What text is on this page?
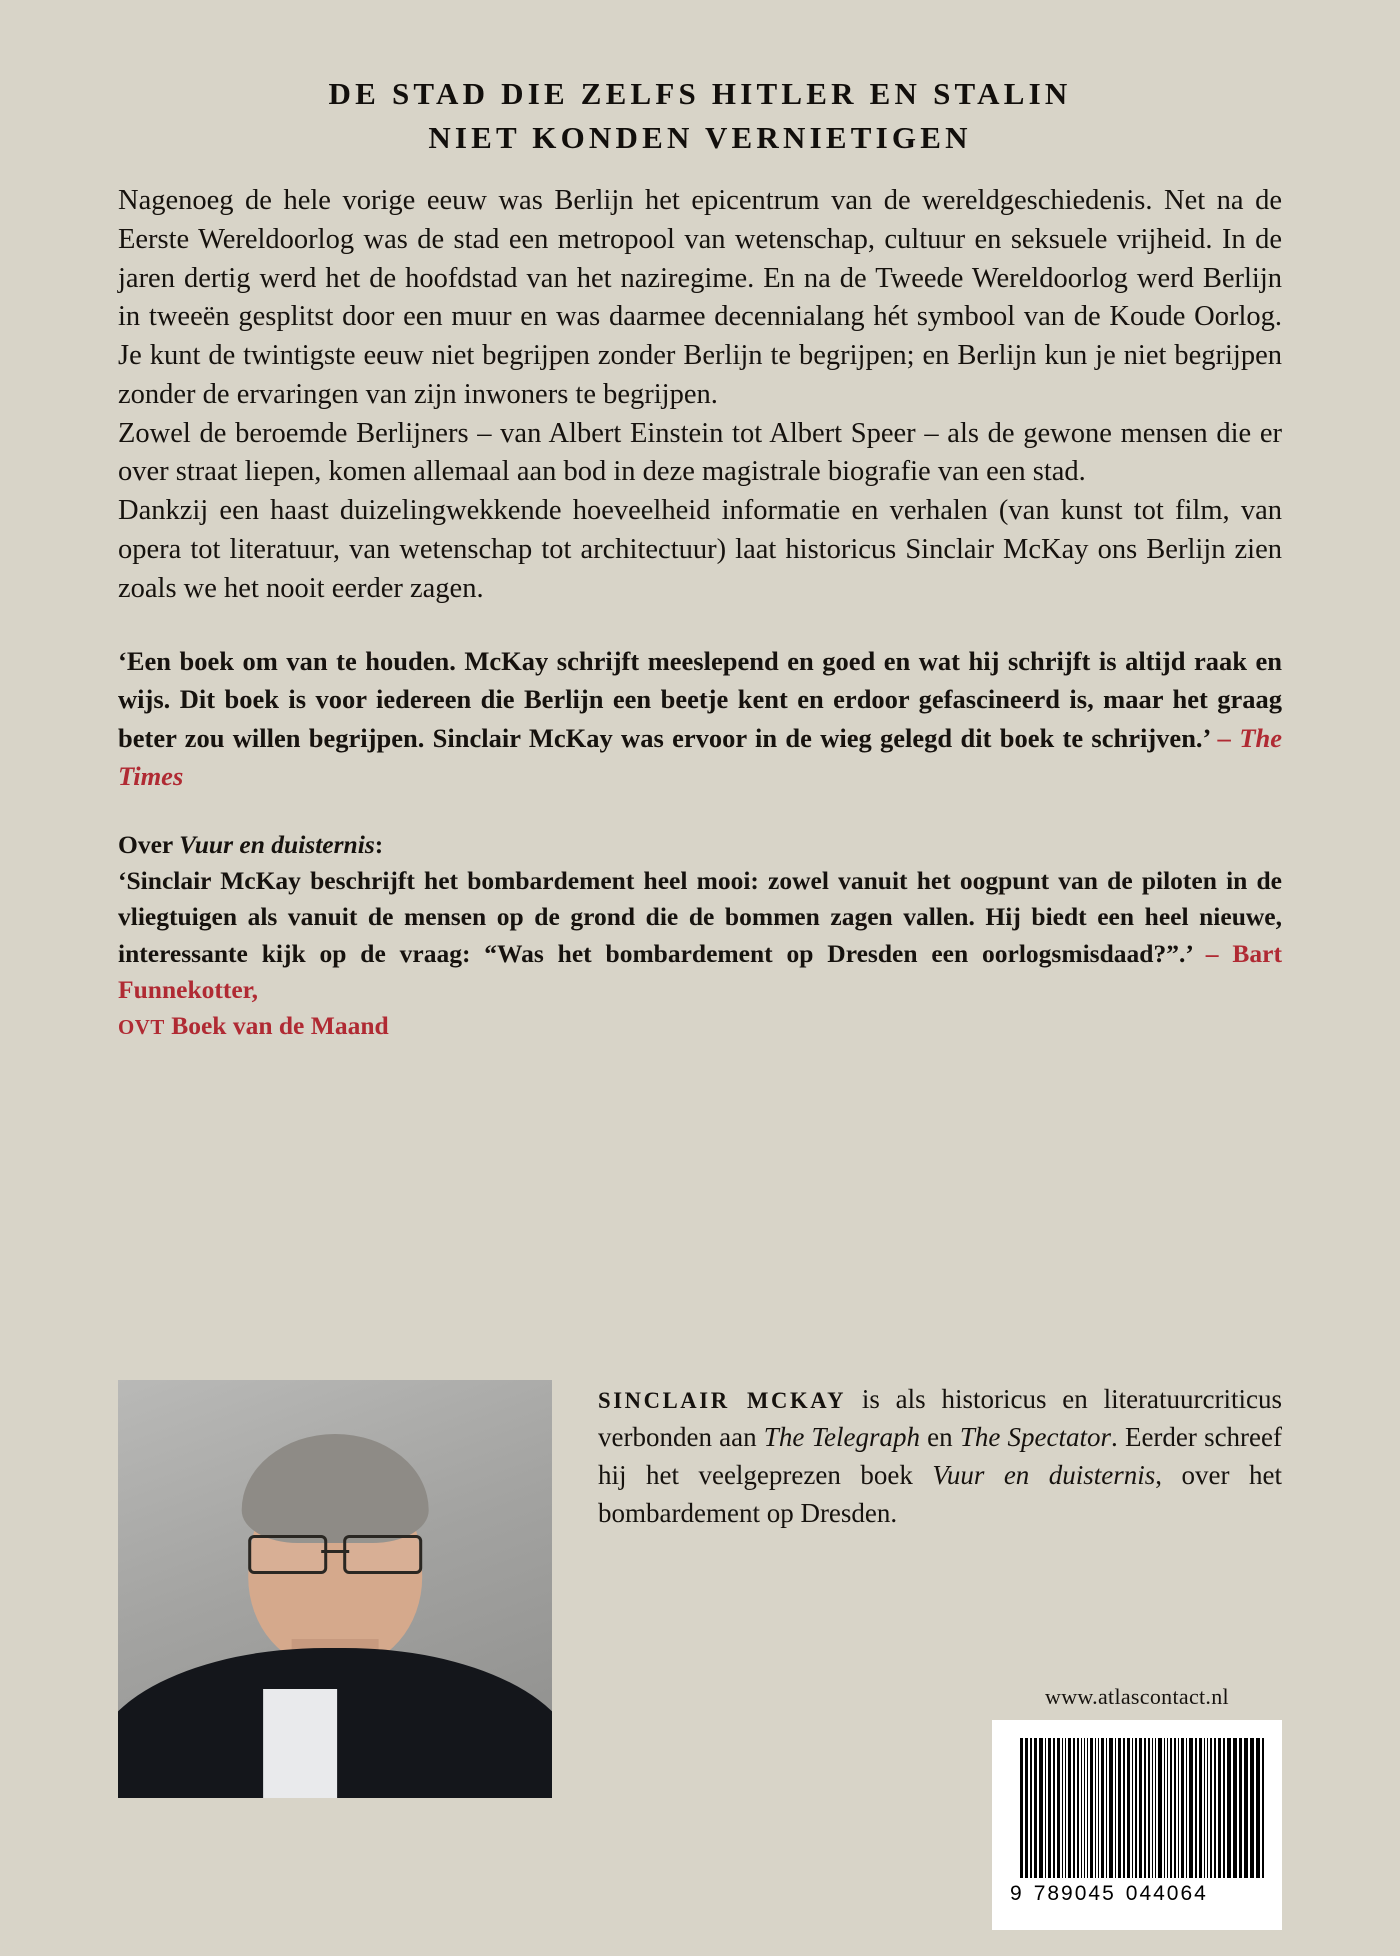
DE STAD DIE ZELFS HITLER EN STALIN
NIET KONDEN VERNIETIGEN

Nagenoeg de hele vorige eeuw was Berlijn het epicentrum van de wereldgeschiedenis. Net na de Eerste Wereldoorlog was de stad een metropool van wetenschap, cultuur en seksuele vrijheid. In de jaren dertig werd het de hoofdstad van het naziregime. En na de Tweede Wereldoorlog werd Berlijn in tweeën gesplitst door een muur en was daarmee decennialang hét symbool van de Koude Oorlog. Je kunt de twintigste eeuw niet begrijpen zonder Berlijn te begrijpen; en Berlijn kun je niet begrijpen zonder de ervaringen van zijn inwoners te begrijpen.

Zowel de beroemde Berlijners – van Albert Einstein tot Albert Speer – als de gewone mensen die er over straat liepen, komen allemaal aan bod in deze magistrale biografie van een stad.

Dankzij een haast duizelingwekkende hoeveelheid informatie en verhalen (van kunst tot film, van opera tot literatuur, van wetenschap tot architectuur) laat historicus Sinclair McKay ons Berlijn zien zoals we het nooit eerder zagen.

‘Een boek om van te houden. McKay schrijft meeslepend en goed en wat hij schrijft is altijd raak en wijs. Dit boek is voor iedereen die Berlijn een beetje kent en erdoor gefascineerd is, maar het graag beter zou willen begrijpen. Sinclair McKay was ervoor in de wieg gelegd dit boek te schrijven.’ – The Times
Over Vuur en duisternis:
‘Sinclair McKay beschrijft het bombardement heel mooi: zowel vanuit het oogpunt van de piloten in de vliegtuigen als vanuit de mensen op de grond die de bommen zagen vallen. Hij biedt een heel nieuwe, interessante kijk op de vraag: “Was het bombardement op Dresden een oorlogsmisdaad?”.’ – Bart Funnekotter,
OVT Boek van de Maand
SINCLAIR MCKAY is als historicus en literatuurcriticus verbonden aan The Telegraph en The Spectator. Eerder schreef hij het veelgeprezen boek Vuur en duisternis, over het bombardement op Dresden.
www.atlascontact.nl
9 789045 044064
